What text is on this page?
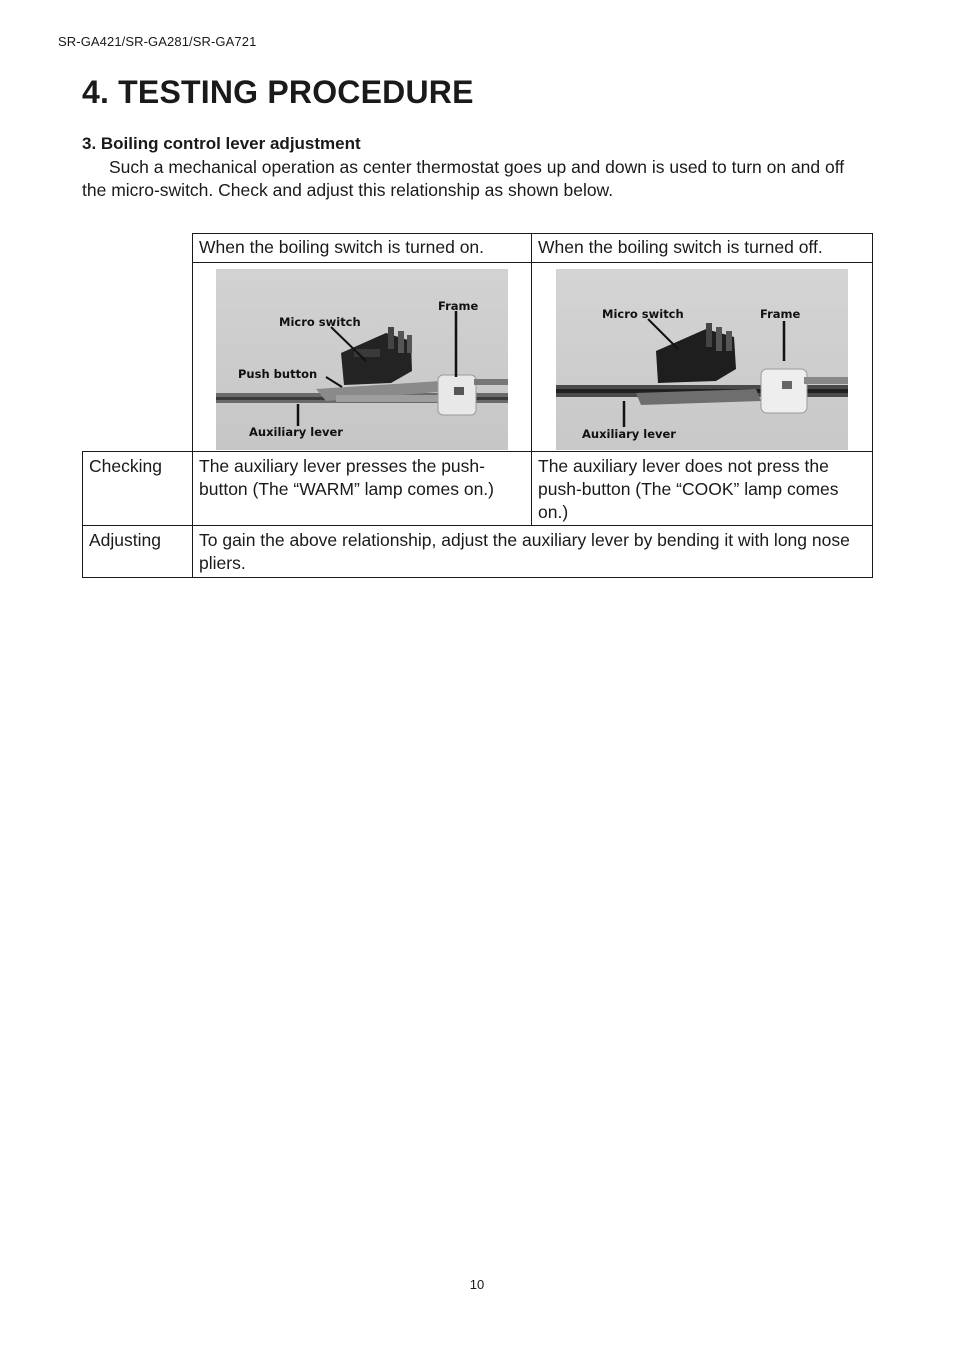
SR-GA421/SR-GA281/SR-GA721
4. TESTING PROCEDURE
3. Boiling control lever adjustment

Such a mechanical operation as center thermostat goes up and down is used to turn on and off the micro-switch. Check and adjust this relationship as shown below.

	When the boiling switch is turned on.	When the boiling switch is turned off.

Frame
Micro switch
Push button
Auxiliary lever	Micro switch Frame
Auxiliary lever

Checking	The auxiliary lever presses the push-button (The “WARM” lamp comes on.)	The auxiliary lever does not press the push-button (The “COOK” lamp comes on.)
Adjusting	To gain the above relationship, adjust the auxiliary lever by bending it with long nose pliers.	
10
